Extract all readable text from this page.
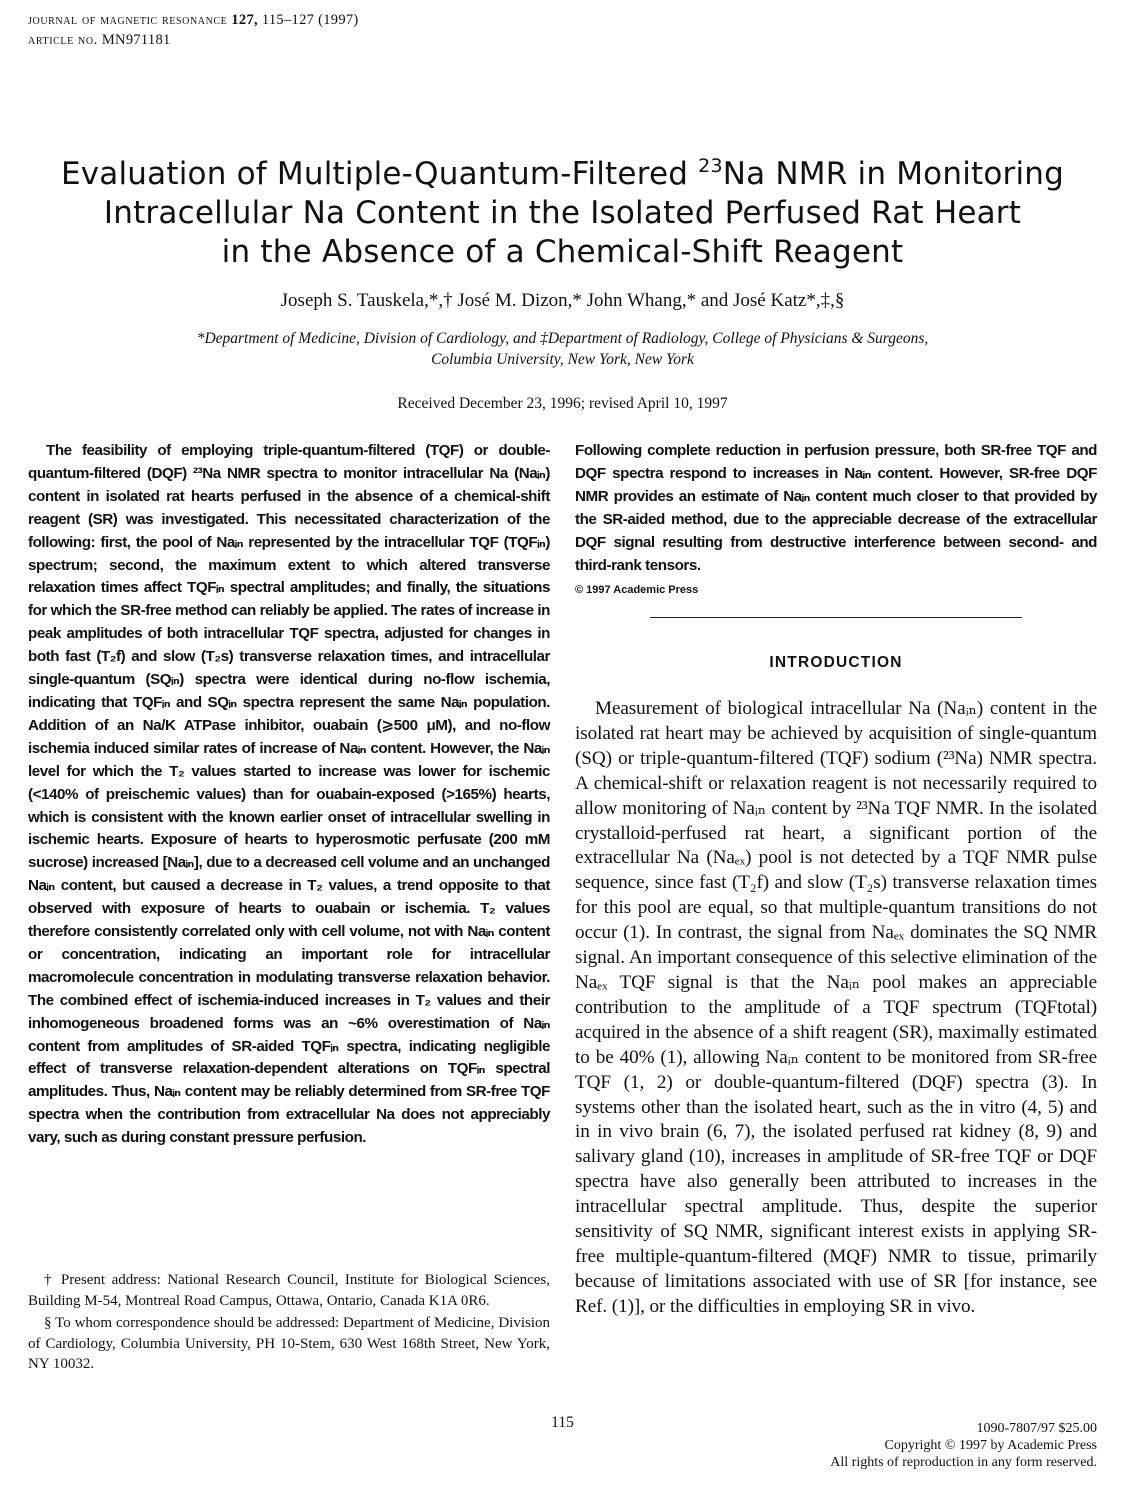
journal of magnetic resonance 127, 115–127 (1997)
article no. MN971181
Evaluation of Multiple-Quantum-Filtered $^{23}$Na NMR in Monitoring
Intracellular Na Content in the Isolated Perfused Rat Heart
in the Absence of a Chemical-Shift Reagent
Joseph S. Tauskela,*,† José M. Dizon,* John Whang,* and José Katz*,‡,§
*Department of Medicine, Division of Cardiology, and ‡Department of Radiology, College of Physicians & Surgeons,
Columbia University, New York, New York
Received December 23, 1996; revised April 10, 1997

The feasibility of employing triple-quantum-filtered (TQF) or double-quantum-filtered (DQF) ²³Na NMR spectra to monitor intracellular Na (Naᵢₙ) content in isolated rat hearts perfused in the absence of a chemical-shift reagent (SR) was investigated. This necessitated characterization of the following: first, the pool of Naᵢₙ represented by the intracellular TQF (TQFᵢₙ) spectrum; second, the maximum extent to which altered transverse relaxation times affect TQFᵢₙ spectral amplitudes; and finally, the situations for which the SR-free method can reliably be applied. The rates of increase in peak amplitudes of both intracellular TQF spectra, adjusted for changes in both fast (T₂f) and slow (T₂s) transverse relaxation times, and intracellular single-quantum (SQᵢₙ) spectra were identical during no-flow ischemia, indicating that TQFᵢₙ and SQᵢₙ spectra represent the same Naᵢₙ population. Addition of an Na/K ATPase inhibitor, ouabain (⩾500 μM), and no-flow ischemia induced similar rates of increase of Naᵢₙ content. However, the Naᵢₙ level for which the T₂ values started to increase was lower for ischemic (<140% of preischemic values) than for ouabain-exposed (>165%) hearts, which is consistent with the known earlier onset of intracellular swelling in ischemic hearts. Exposure of hearts to hyperosmotic perfusate (200 mM sucrose) increased [Naᵢₙ], due to a decreased cell volume and an unchanged Naᵢₙ content, but caused a decrease in T₂ values, a trend opposite to that observed with exposure of hearts to ouabain or ischemia. T₂ values therefore consistently correlated only with cell volume, not with Naᵢₙ content or concentration, indicating an important role for intracellular macromolecule concentration in modulating transverse relaxation behavior. The combined effect of ischemia-induced increases in T₂ values and their inhomogeneous broadened forms was an ~6% overestimation of Naᵢₙ content from amplitudes of SR-aided TQFᵢₙ spectra, indicating negligible effect of transverse relaxation-dependent alterations on TQFᵢₙ spectral amplitudes. Thus, Naᵢₙ content may be reliably determined from SR-free TQF spectra when the contribution from extracellular Na does not appreciably vary, such as during constant pressure perfusion.

Following complete reduction in perfusion pressure, both SR-free TQF and DQF spectra respond to increases in Naᵢₙ content. However, SR-free DQF NMR provides an estimate of Naᵢₙ content much closer to that provided by the SR-aided method, due to the appreciable decrease of the extracellular DQF signal resulting from destructive interference between second- and third-rank tensors.

© 1997 Academic Press
INTRODUCTION

Measurement of biological intracellular Na (Naᵢₙ) content in the isolated rat heart may be achieved by acquisition of single-quantum (SQ) or triple-quantum-filtered (TQF) sodium (²³Na) NMR spectra. A chemical-shift or relaxation reagent is not necessarily required to allow monitoring of Naᵢₙ content by ²³Na TQF NMR. In the isolated crystalloid-perfused rat heart, a significant portion of the extracellular Na (Naₑₓ) pool is not detected by a TQF NMR pulse sequence, since fast (T₂f) and slow (T₂s) transverse relaxation times for this pool are equal, so that multiple-quantum transitions do not occur (1). In contrast, the signal from Naₑₓ dominates the SQ NMR signal. An important consequence of this selective elimination of the Naₑₓ TQF signal is that the Naᵢₙ pool makes an appreciable contribution to the amplitude of a TQF spectrum (TQFtotal) acquired in the absence of a shift reagent (SR), maximally estimated to be 40% (1), allowing Naᵢₙ content to be monitored from SR-free TQF (1, 2) or double-quantum-filtered (DQF) spectra (3). In systems other than the isolated heart, such as the in vitro (4, 5) and in in vivo brain (6, 7), the isolated perfused rat kidney (8, 9) and salivary gland (10), increases in amplitude of SR-free TQF or DQF spectra have also generally been attributed to increases in the intracellular spectral amplitude. Thus, despite the superior sensitivity of SQ NMR, significant interest exists in applying SR-free multiple-quantum-filtered (MQF) NMR to tissue, primarily because of limitations associated with use of SR [for instance, see Ref. (1)], or the difficulties in employing SR in vivo.

† Present address: National Research Council, Institute for Biological Sciences, Building M-54, Montreal Road Campus, Ottawa, Ontario, Canada K1A 0R6.

§ To whom correspondence should be addressed: Department of Medicine, Division of Cardiology, Columbia University, PH 10-Stem, 630 West 168th Street, New York, NY 10032.

115	1090-7807/97 $25.00
Copyright © 1997 by Academic Press
All rights of reproduction in any form reserved.
